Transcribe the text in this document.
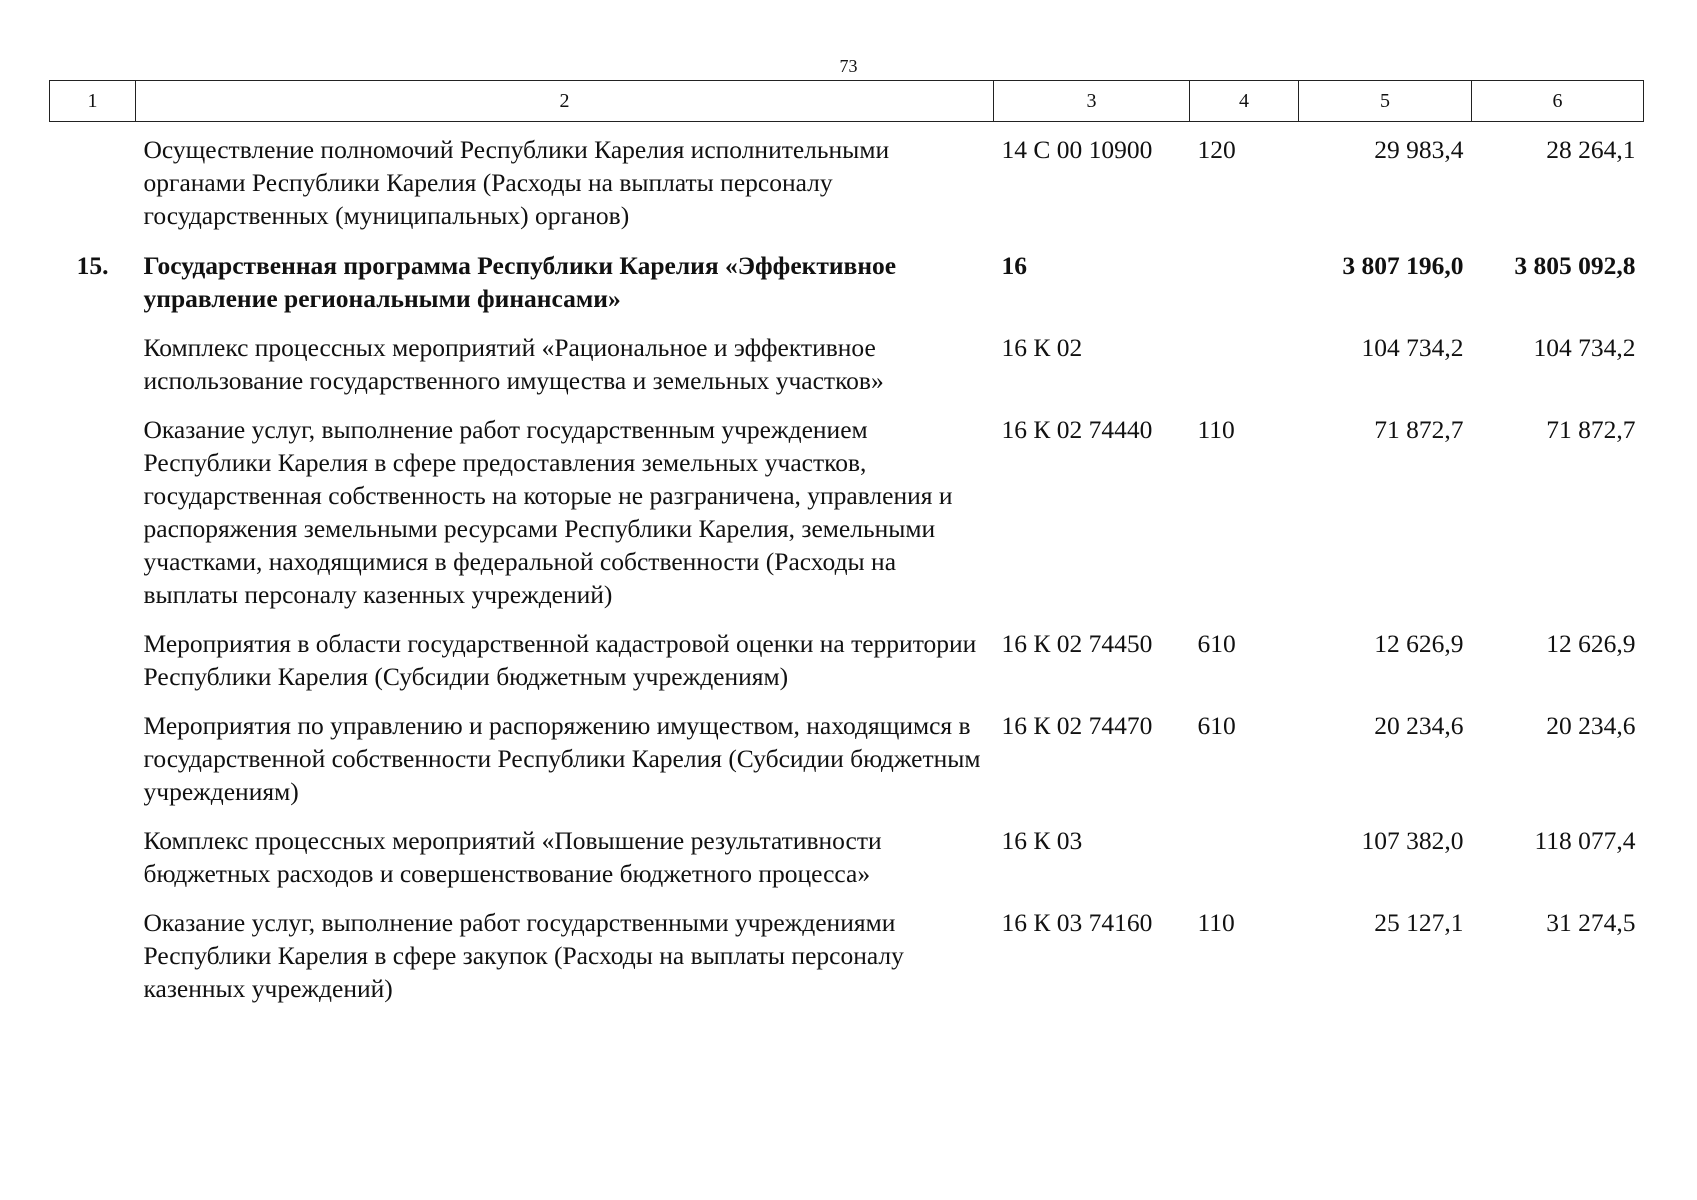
73
1	2	3	4	5	6
	Осуществление полномочий Республики Карелия исполнительными органами Республики Карелия (Расходы на выплаты персоналу государственных (муниципальных) органов)	14 С 00 10900	120	29 983,4	28 264,1
15.	Государственная программа Республики Карелия «Эффективное управление региональными финансами»	16		3 807 196,0	3 805 092,8
	Комплекс процессных мероприятий «Рациональное и эффективное использование государственного имущества и земельных участков»	16 К 02		104 734,2	104 734,2
	Оказание услуг, выполнение работ государственным учреждением Республики Карелия в сфере предоставления земельных участков, государственная собственность на которые не разграничена, управления и распоряжения земельными ресурсами Республики Карелия, земельными участками, находящимися в федеральной собственности (Расходы на выплаты персоналу казенных учреждений)	16 К 02 74440	110	71 872,7	71 872,7
	Мероприятия в области государственной кадастровой оценки на территории Республики Карелия (Субсидии бюджетным учреждениям)	16 К 02 74450	610	12 626,9	12 626,9
	Мероприятия по управлению и распоряжению имуществом, находящимся в государственной собственности Республики Карелия (Субсидии бюджетным учреждениям)	16 К 02 74470	610	20 234,6	20 234,6
	Комплекс процессных мероприятий «Повышение результативности бюджетных расходов и совершенствование бюджетного процесса»	16 К 03		107 382,0	118 077,4
	Оказание услуг, выполнение работ государственными учреждениями Республики Карелия в сфере закупок (Расходы на выплаты персоналу казенных учреждений)	16 К 03 74160	110	25 127,1	31 274,5
